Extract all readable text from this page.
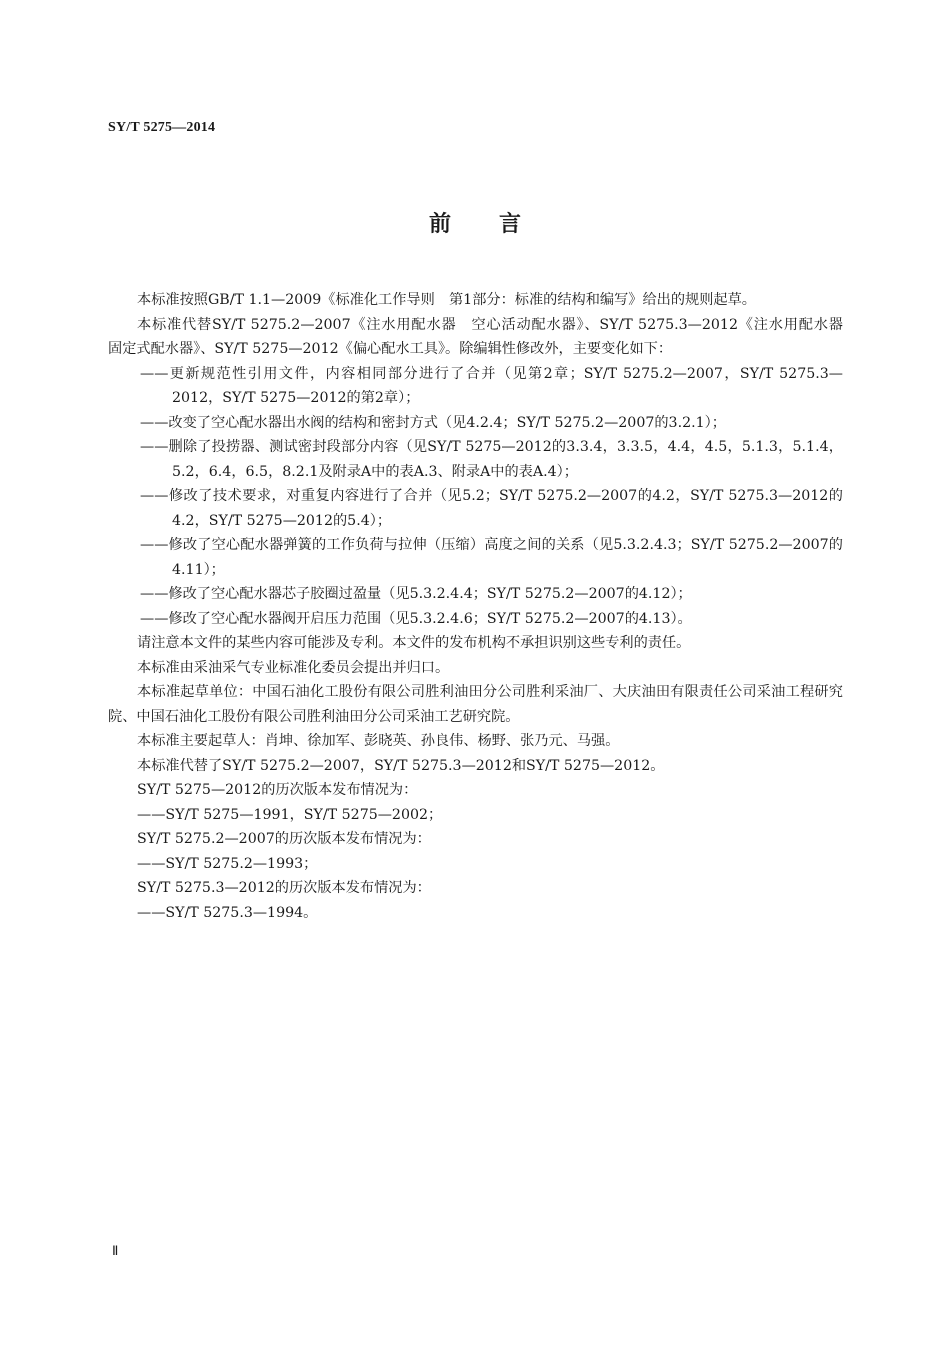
SY/T 5275—2014
前言

本标准按照GB/T 1.1—2009《标准化工作导则　第1部分：标准的结构和编写》给出的规则起草。

本标准代替SY/T 5275.2—2007《注水用配水器　空心活动配水器》、SY/T 5275.3—2012《注水用配水器　固定式配水器》、SY/T 5275—2012《偏心配水工具》。除编辑性修改外，主要变化如下：

——更新规范性引用文件，内容相同部分进行了合并（见第2章；SY/T 5275.2—2007，SY/T 5275.3—2012，SY/T 5275—2012的第2章）；

——改变了空心配水器出水阀的结构和密封方式（见4.2.4；SY/T 5275.2—2007的3.2.1）；

——删除了投捞器、测试密封段部分内容（见SY/T 5275—2012的3.3.4，3.3.5，4.4，4.5，5.1.3，5.1.4，5.2，6.4，6.5，8.2.1及附录A中的表A.3、附录A中的表A.4）；

——修改了技术要求，对重复内容进行了合并（见5.2；SY/T 5275.2—2007的4.2，SY/T 5275.3—2012的4.2，SY/T 5275—2012的5.4）；

——修改了空心配水器弹簧的工作负荷与拉伸（压缩）高度之间的关系（见5.3.2.4.3；SY/T 5275.2—2007的4.11）；

——修改了空心配水器芯子胶圈过盈量（见5.3.2.4.4；SY/T 5275.2—2007的4.12）；

——修改了空心配水器阀开启压力范围（见5.3.2.4.6；SY/T 5275.2—2007的4.13）。

请注意本文件的某些内容可能涉及专利。本文件的发布机构不承担识别这些专利的责任。

本标准由采油采气专业标准化委员会提出并归口。

本标准起草单位：中国石油化工股份有限公司胜利油田分公司胜利采油厂、大庆油田有限责任公司采油工程研究院、中国石油化工股份有限公司胜利油田分公司采油工艺研究院。

本标准主要起草人：肖坤、徐加军、彭晓英、孙良伟、杨野、张乃元、马强。

本标准代替了SY/T 5275.2—2007，SY/T 5275.3—2012和SY/T 5275—2012。

SY/T 5275—2012的历次版本发布情况为：

——SY/T 5275—1991，SY/T 5275—2002；

SY/T 5275.2—2007的历次版本发布情况为：

——SY/T 5275.2—1993；

SY/T 5275.3—2012的历次版本发布情况为：

——SY/T 5275.3—1994。

Ⅱ
